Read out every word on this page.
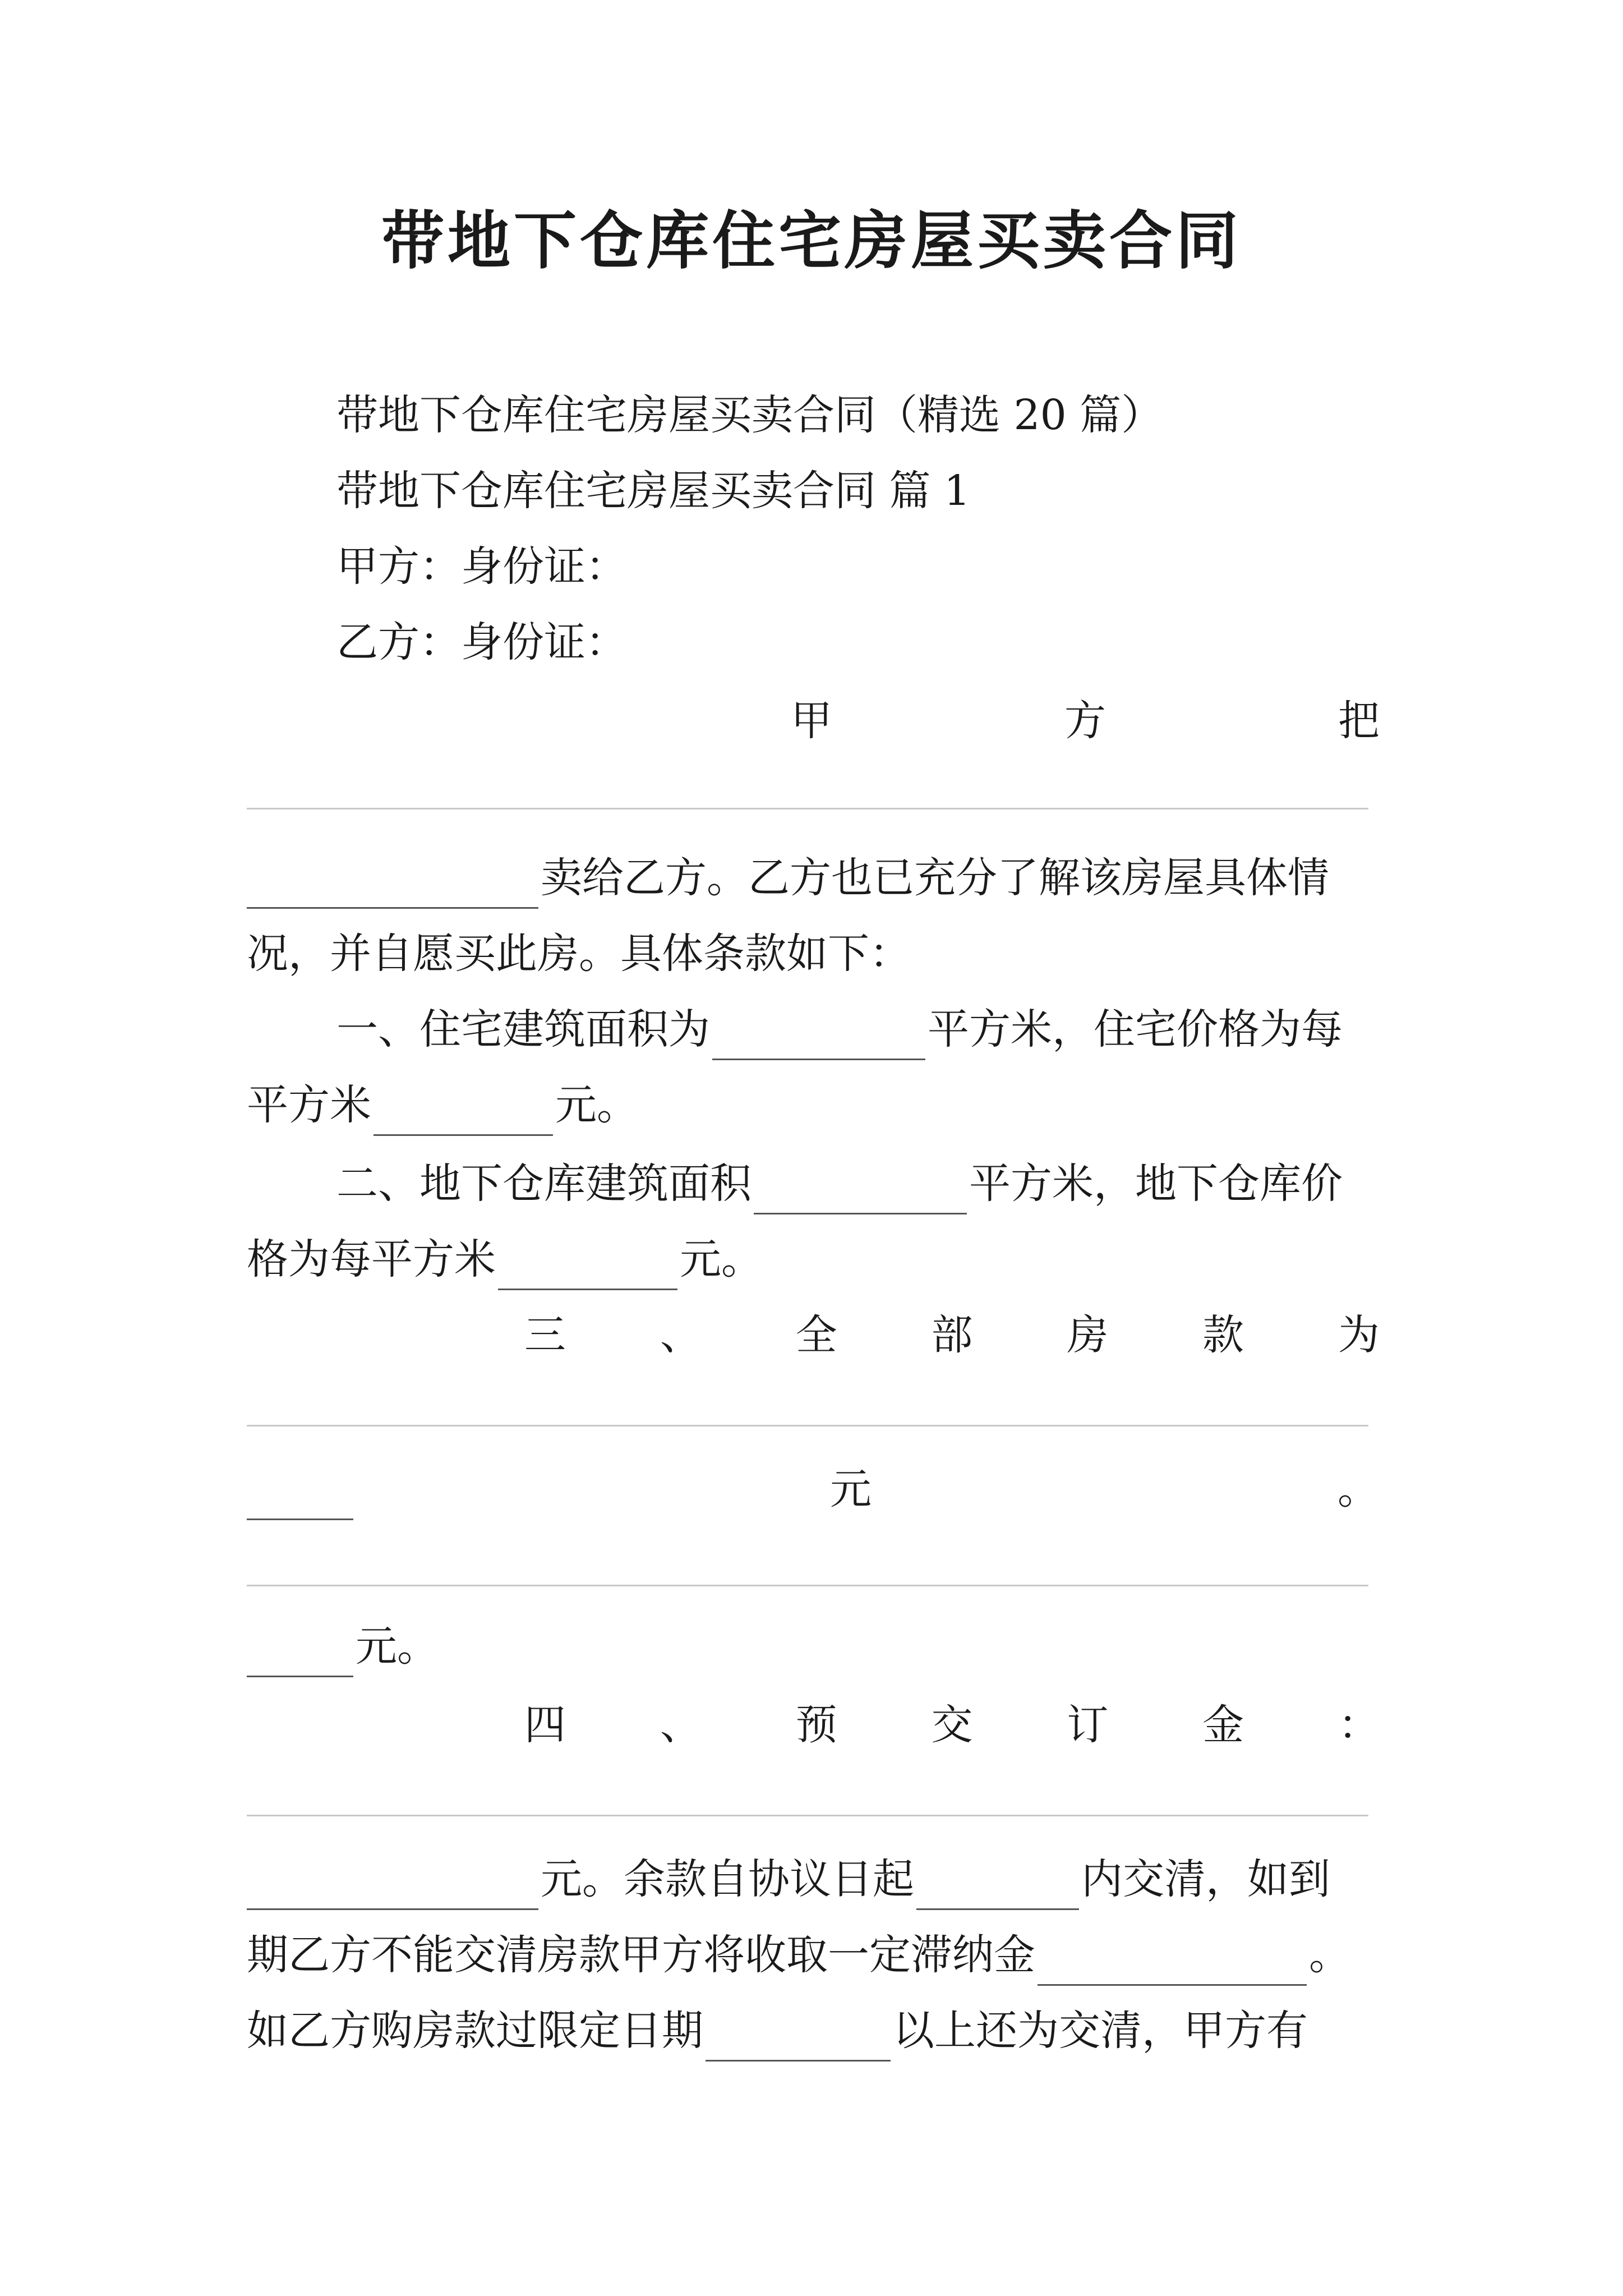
带地下仓库住宅房屋买卖合同
带地下仓库住宅房屋买卖合同（精选 20 篇）
带地下仓库住宅房屋买卖合同 篇 1
甲方：身份证：
乙方：身份证：
甲	方	把
卖给乙方。乙方也已充分了解该房屋具体情
况，并自愿买此房。具体条款如下：
一、住宅建筑面积为	平方米，住宅价格为每
平方米	元。
二、地下仓库建筑面积	平方米，地下仓库价
格为每平方米	元。
三 、 全 部 房 款 为
元	。
元。
四 、 预 交 订 金 ：
元。余款自协议日起	内交清，如到
期乙方不能交清房款甲方将收取一定滞纳金	。
如乙方购房款过限定日期	以上还为交清，甲方有
